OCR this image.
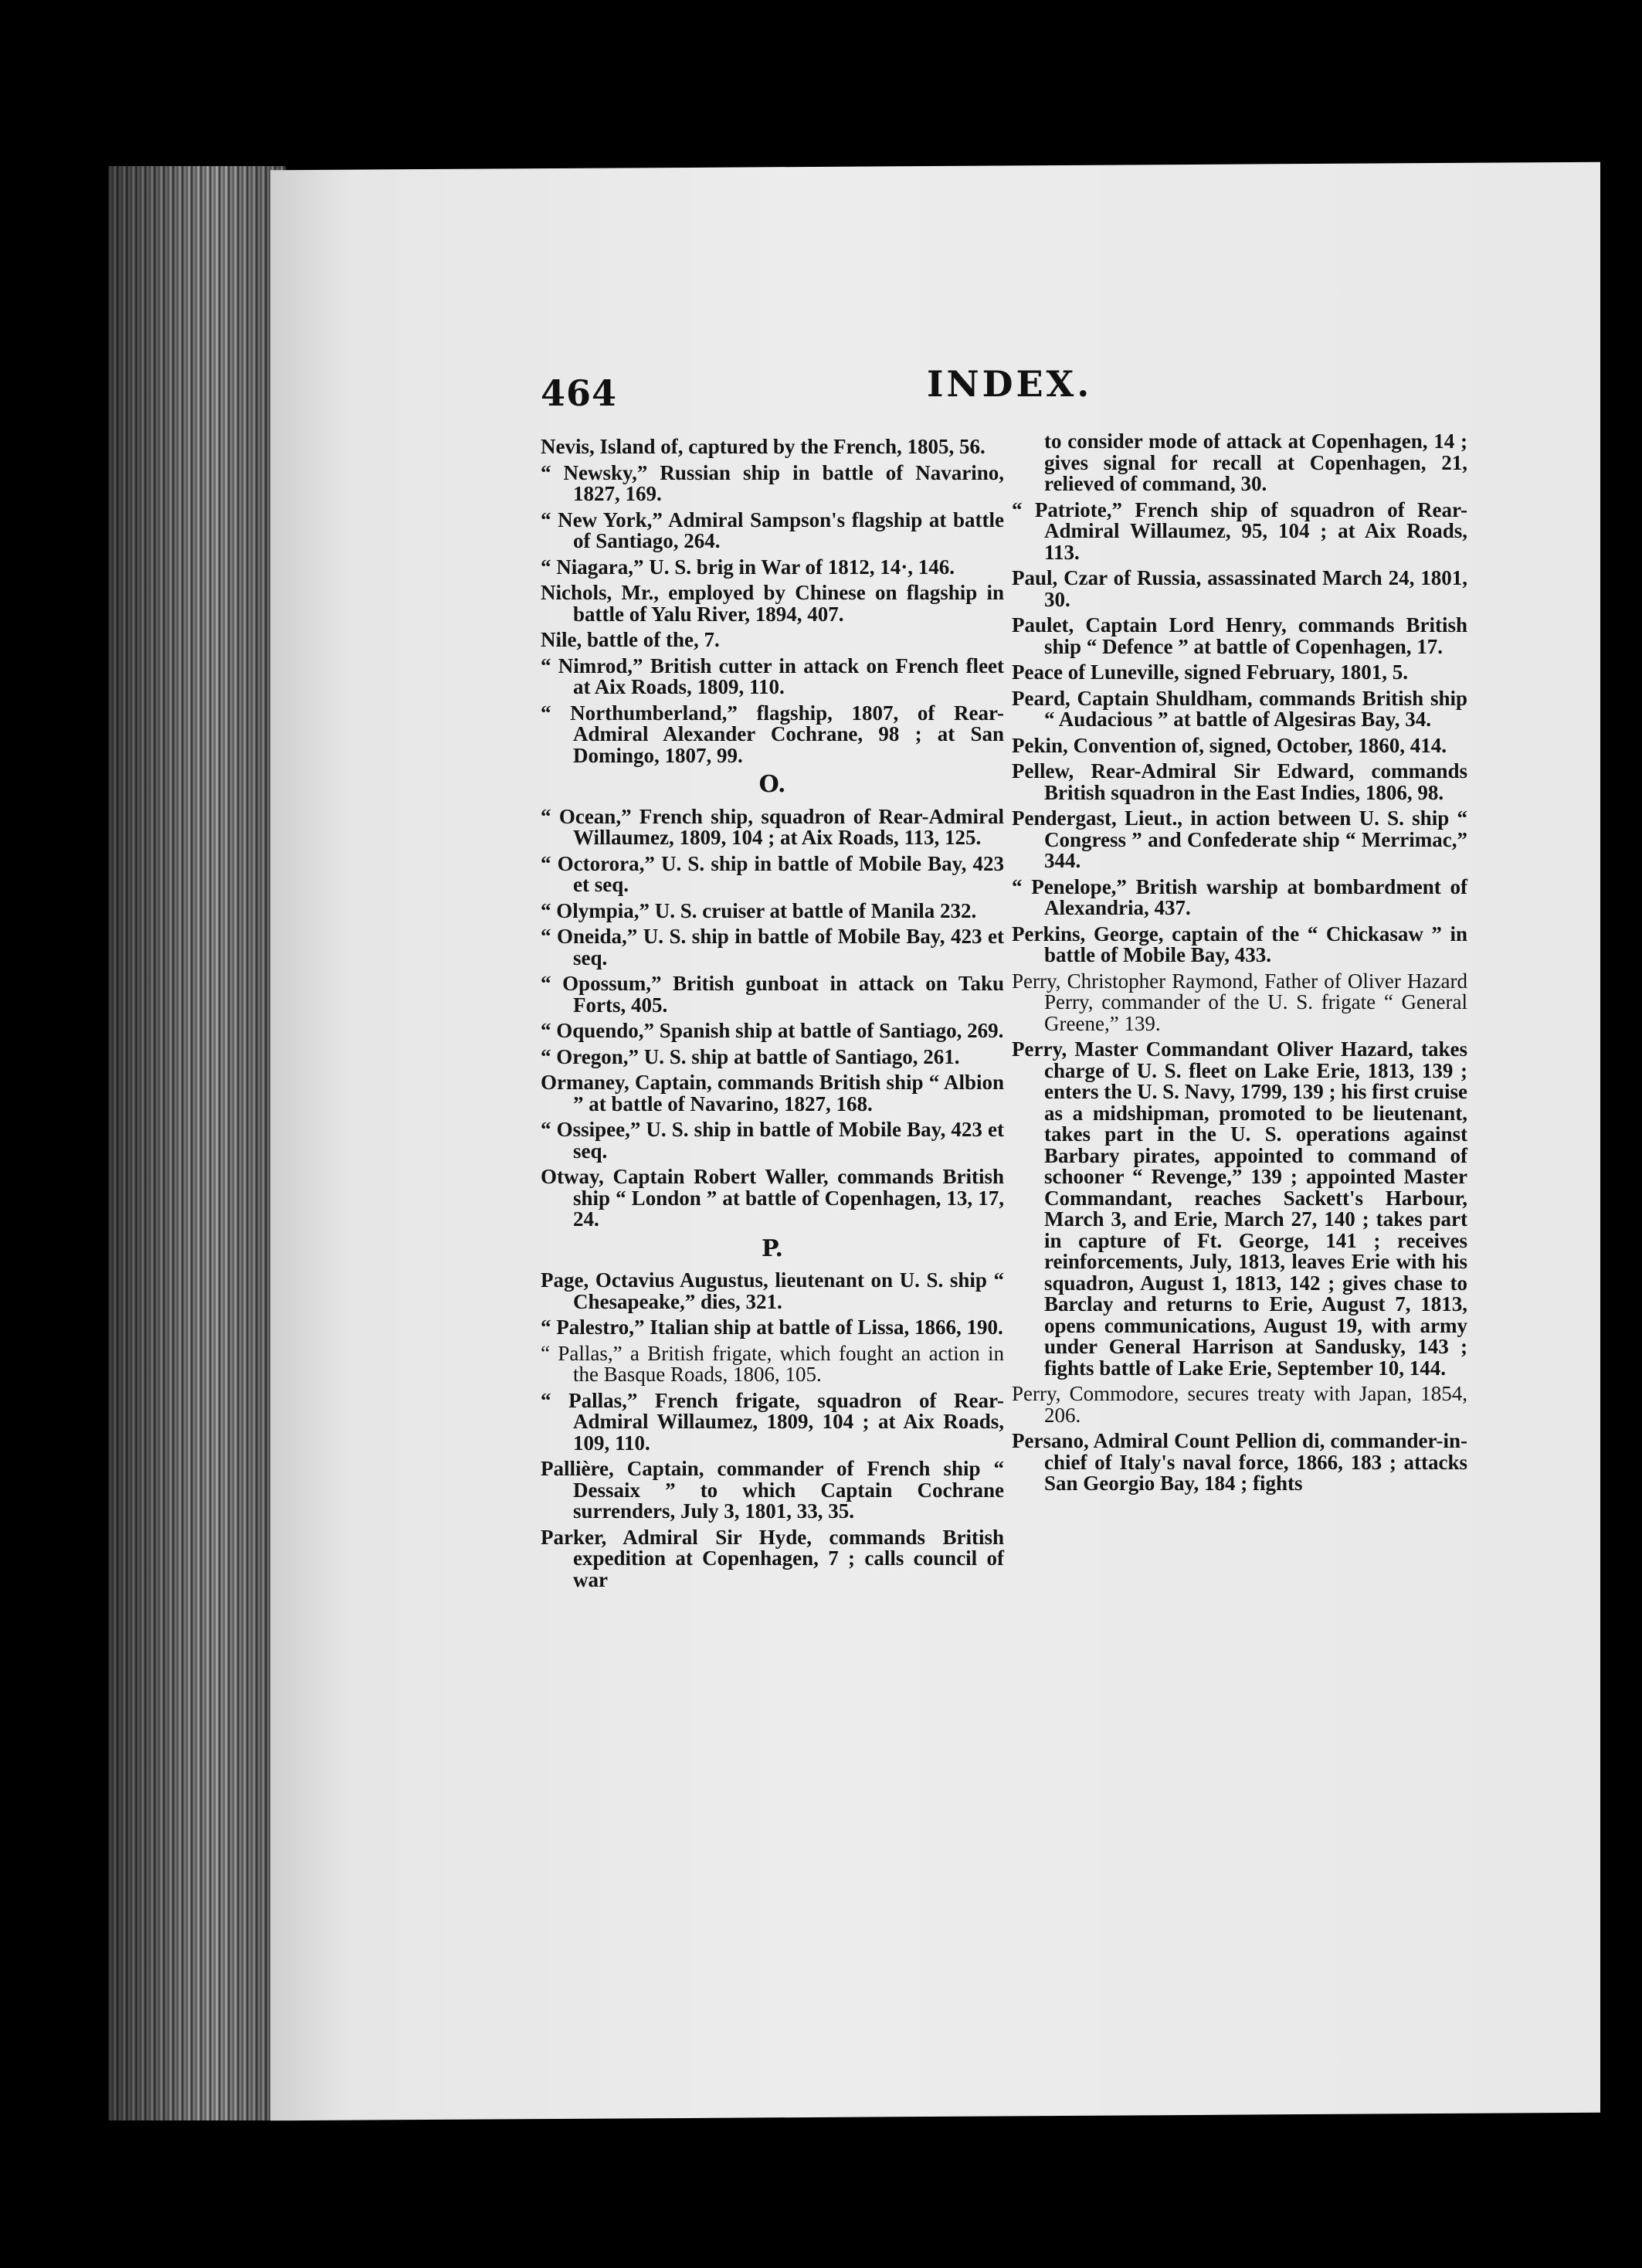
464	INDEX.
Nevis, Island of, captured by the French, 1805, 56.
“ Newsky,” Russian ship in battle of Navarino, 1827, 169.
“ New York,” Admiral Sampson's flagship at battle of Santiago, 264.
“ Niagara,” U. S. brig in War of 1812, 14·, 146.
Nichols, Mr., employed by Chinese on flagship in battle of Yalu River, 1894, 407.
Nile, battle of the, 7.
“ Nimrod,” British cutter in attack on French fleet at Aix Roads, 1809, 110.
“ Northumberland,” flagship, 1807, of Rear-Admiral Alexander Cochrane, 98 ; at San Domingo, 1807, 99.
O.
“ Ocean,” French ship, squadron of Rear-Admiral Willaumez, 1809, 104 ; at Aix Roads, 113, 125.
“ Octorora,” U. S. ship in battle of Mobile Bay, 423 et seq.
“ Olympia,” U. S. cruiser at battle of Manila 232.
“ Oneida,” U. S. ship in battle of Mobile Bay, 423 et seq.
“ Opossum,” British gunboat in attack on Taku Forts, 405.
“ Oquendo,” Spanish ship at battle of Santiago, 269.
“ Oregon,” U. S. ship at battle of Santiago, 261.
Ormaney, Captain, commands British ship “ Albion ” at battle of Navarino, 1827, 168.
“ Ossipee,” U. S. ship in battle of Mobile Bay, 423 et seq.
Otway, Captain Robert Waller, commands British ship “ London ” at battle of Copenhagen, 13, 17, 24.
P.
Page, Octavius Augustus, lieutenant on U. S. ship “ Chesapeake,” dies, 321.
“ Palestro,” Italian ship at battle of Lissa, 1866, 190.
“ Pallas,” a British frigate, which fought an action in the Basque Roads, 1806, 105.
“ Pallas,” French frigate, squadron of Rear-Admiral Willaumez, 1809, 104 ; at Aix Roads, 109, 110.
Pallière, Captain, commander of French ship “ Dessaix ” to which Captain Cochrane surrenders, July 3, 1801, 33, 35.
Parker, Admiral Sir Hyde, commands British expedition at Copenhagen, 7 ; calls council of war
to consider mode of attack at Copenhagen, 14 ; gives signal for recall at Copenhagen, 21, relieved of command, 30.
“ Patriote,” French ship of squadron of Rear-Admiral Willaumez, 95, 104 ; at Aix Roads, 113.
Paul, Czar of Russia, assassinated March 24, 1801, 30.
Paulet, Captain Lord Henry, commands British ship “ Defence ” at battle of Copenhagen, 17.
Peace of Luneville, signed February, 1801, 5.
Peard, Captain Shuldham, commands British ship “ Audacious ” at battle of Algesiras Bay, 34.
Pekin, Convention of, signed, October, 1860, 414.
Pellew, Rear-Admiral Sir Edward, commands British squadron in the East Indies, 1806, 98.
Pendergast, Lieut., in action between U. S. ship “ Congress ” and Confederate ship “ Merrimac,” 344.
“ Penelope,” British warship at bombardment of Alexandria, 437.
Perkins, George, captain of the “ Chickasaw ” in battle of Mobile Bay, 433.
Perry, Christopher Raymond, Father of Oliver Hazard Perry, commander of the U. S. frigate “ General Greene,” 139.
Perry, Master Commandant Oliver Hazard, takes charge of U. S. fleet on Lake Erie, 1813, 139 ; enters the U. S. Navy, 1799, 139 ; his first cruise as a midshipman, promoted to be lieutenant, takes part in the U. S. operations against Barbary pirates, appointed to command of schooner “ Revenge,” 139 ; appointed Master Commandant, reaches Sackett's Harbour, March 3, and Erie, March 27, 140 ; takes part in capture of Ft. George, 141 ; receives reinforcements, July, 1813, leaves Erie with his squadron, August 1, 1813, 142 ; gives chase to Barclay and returns to Erie, August 7, 1813, opens communications, August 19, with army under General Harrison at Sandusky, 143 ; fights battle of Lake Erie, September 10, 144.
Perry, Commodore, secures treaty with Japan, 1854, 206.
Persano, Admiral Count Pellion di, commander-in-chief of Italy's naval force, 1866, 183 ; attacks San Georgio Bay, 184 ; fights
